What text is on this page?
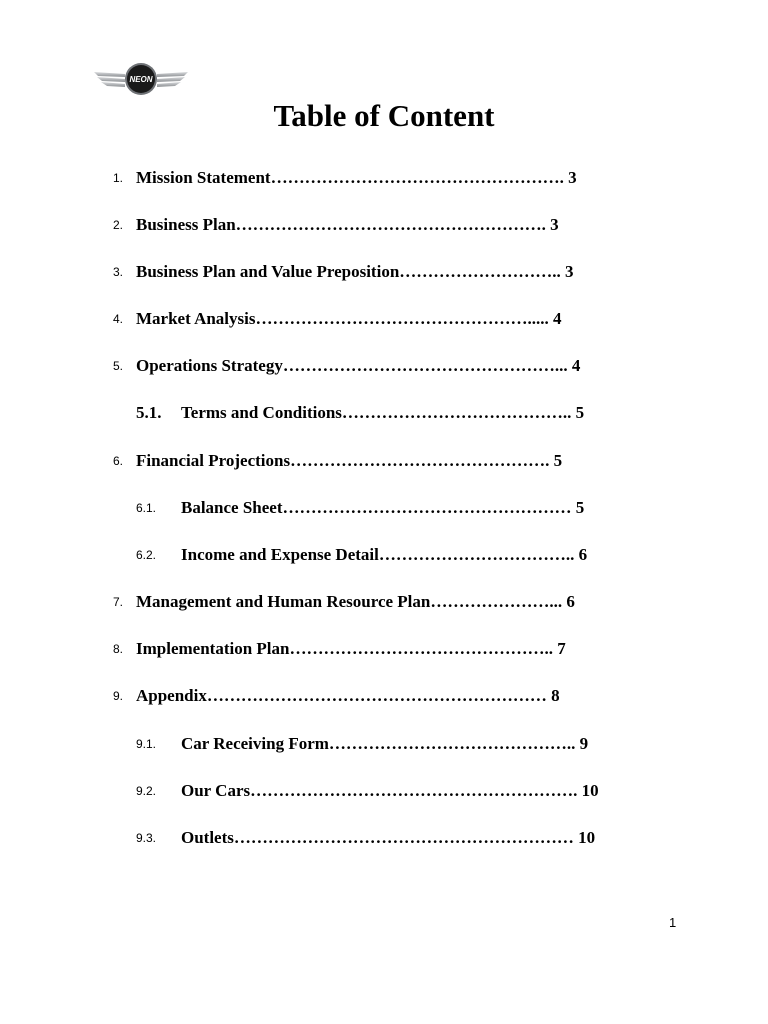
NEON
Table of Content
1. Mission Statement……………………………………………. 3
2. Business Plan………………………………………………. 3
3. Business Plan and Value Preposition……………………….. 3
4. Market Analysis…………………………………………..... 4
5. Operations Strategy…………………………………………... 4
5.1. Terms and Conditions………………………………….. 5
6. Financial Projections………………………………………. 5
6.1. Balance Sheet…………………………………………… 5
6.2. Income and Expense Detail…………………………….. 6
7. Management and Human Resource Plan…………………... 6
8. Implementation Plan……………………………………….. 7
9. Appendix…………………………………………………… 8
9.1. Car Receiving Form…………………………………….. 9
9.2. Our Cars…………………………………………………. 10
9.3. Outlets…………………………………………………… 10
1
